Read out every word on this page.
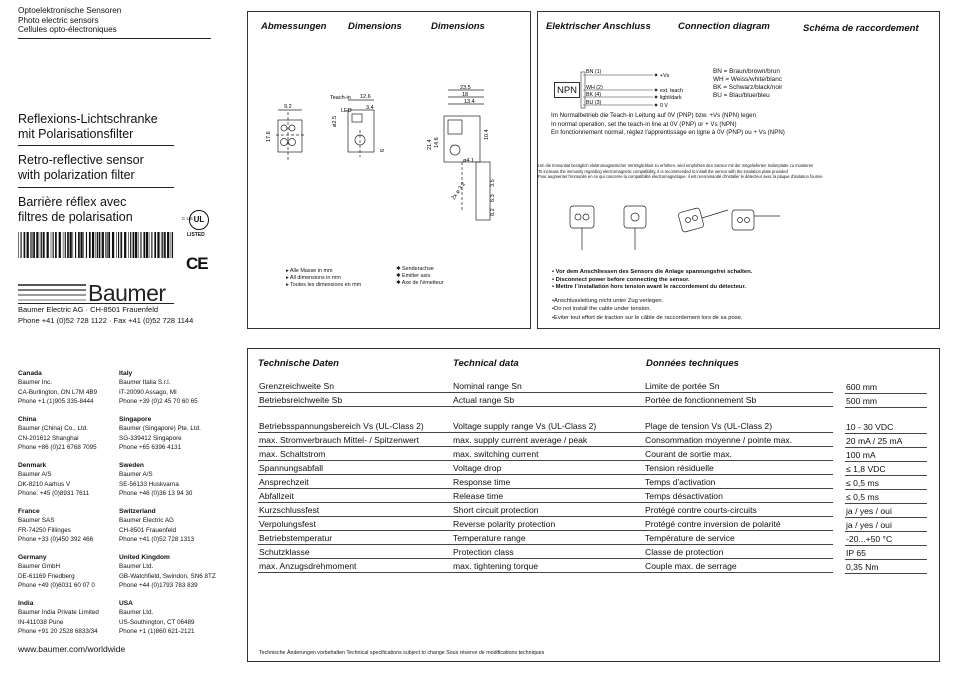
Optoelektronische Sensoren
Photo electric sensors
Cellules opto-électroniques
Reflexions-Lichtschranke
mit Polarisationsfilter
Retro-reflective sensor
with polarization filter
Barrière réflex avec
filtres de polarisation	UL
C US
LISTED
CE
Baumer
Baumer Electric AG · CH-8501 Frauenfeld
Phone +41 (0)52 728 1122 · Fax +41 (0)52 728 1144
Canada
Baumer Inc.
CA-Burlington, ON L7M 4B9
Phone +1 (1)905 335-8444
Italy
Baumer Italia S.r.l.
IT-20090 Assago, MI
Phone +39 (0)2 45 70 60 65
China
Baumer (China) Co., Ltd.
CN-201612 Shanghai
Phone +86 (0)21 6768 7095
Singapore
Baumer (Singapore) Pte. Ltd.
SG-339412 Singapore
Phone +65 6396 4131
Denmark
Baumer A/S
DK-8210 Aarhus V
Phone: +45 (0)8931 7611
Sweden
Baumer A/S
SE-56133 Huskvarna
Phone +46 (0)36 13 94 30
France
Baumer SAS
FR-74250 Fillinges
Phone +33 (0)450 392 466
Switzerland
Baumer Electric AG
CH-8501 Frauenfeld
Phone +41 (0)52 728 1313
Germany
Baumer GmbH
DE-61169 Friedberg
Phone +49 (0)6031 60 07 0
United Kingdom
Baumer Ltd.
GB-Watchfield, Swindon, SN6 8TZ
Phone +44 (0)1793 783 839
India
Baumer India Private Limited
IN-411038 Pune
Phone +91 20 2528 6833/34
USA
Baumer Ltd.
US-Southington, CT 06489
Phone +1 (1)860 621-2121
www.baumer.com/worldwide
Abmessungen Dimensions	Dimensions
9.2
17.6
Teach-in 12.6
LED	3.4
ø2.5
6
23.5
18
13.4
21.4 14.6
10.4
ø4.1
2x ø 3.2	3.5
6.3
8.2
▸ Alle Masse in mm
▸ All dimensions in mm
▸ Toutes les dimensions en mm
✱ Senderachse
✱ Emitter axis
✱ Axe de l'émetteur
Elektrischer Anschluss	Connection diagram	Schéma de raccordement
NPN
BN (1)
WH (2)
BK (4)
BU (3)
+Vs
ext. teach
light/dark
0 V
BN = Braun/brown/brun
WH = Weiss/white/blanc
BK = Schwarz/black/noir
BU = Blau/blue/bleu
Im Normalbetrieb die Teach-in Leitung auf 0V (PNP) bzw. +Vs (NPN) legen
In normal operation, set the teach-in line at 0V (PNP) or + Vs (NPN)
En fonctionnement normal, réglez l'apprentissage en ligne à 0V (PNP) ou + Vs (NPN)
Um die Immunität bezüglich elektromagnetischer Verträglichkeit zu erhöhen, wird empfohlen den Sensor mit der mitgelieferten Isolierplatte zu montieren
To increase the immunity regarding electromagnetic compatibility, it is recommended to install the sensor with the insulation plate provided
Pour augmenter l'immunité en ce qui concerne la compatibilité électromagnétique, il est recommandé d'installer le détecteur avec la plaque d'isolation fournie
• Vor dem Anschliessen des Sensors die Anlage spannungsfrei schalten.
• Disconnect power before connecting the sensor.
• Mettre l´installation hors tension avant le raccordement du détecteur.
•Anschlussleitung nicht unter Zug verlegen.
•Do not install the cable under tension.
•Eviter tout effort de traction sur le câble de raccordement lors de sa pose.
Technische Daten	Technical data	Données techniques
Grenzreichweite Sn	Nominal range Sn	Limite de portée Sn	600 mm
Betriebsreichweite Sb	Actual range Sb	Portée de fonctionnement Sb	500 mm
Betriebsspannungsbereich Vs (UL-Class 2)	Voltage supply range Vs (UL-Class 2)	Plage de tension Vs (UL-Class 2)	10 - 30 VDC
max. Stromverbrauch Mittel- / Spitzenwert	max. supply current average / peak	Consommation moyenne / pointe max.	20 mA / 25 mA
max. Schaltstrom	max. switching current	Courant de sortie max.	100 mA
Spannungsabfall	Voltage drop	Tension résiduelle	≤ 1,8 VDC
Ansprechzeit	Response time	Temps d'activation	≤ 0,5 ms
Abfallzeit	Release time	Temps désactivation	≤ 0,5 ms
Kurzschlussfest	Short circuit protection	Protégé contre courts-circuits	ja / yes / oui
Verpolungsfest	Reverse polarity protection	Protégé contre inversion de polarité	ja / yes / oui
Betriebstemperatur	Temperature range	Température de service	-20...+50 °C
Schutzklasse	Protection class	Classe de protection	IP 65
max. Anzugsdrehmoment	max. tightening torque	Couple max. de serrage	0,35 Nm
Technische Änderungen vorbehalten Technical specifications subject to change Sous réserve de modifications techniques
